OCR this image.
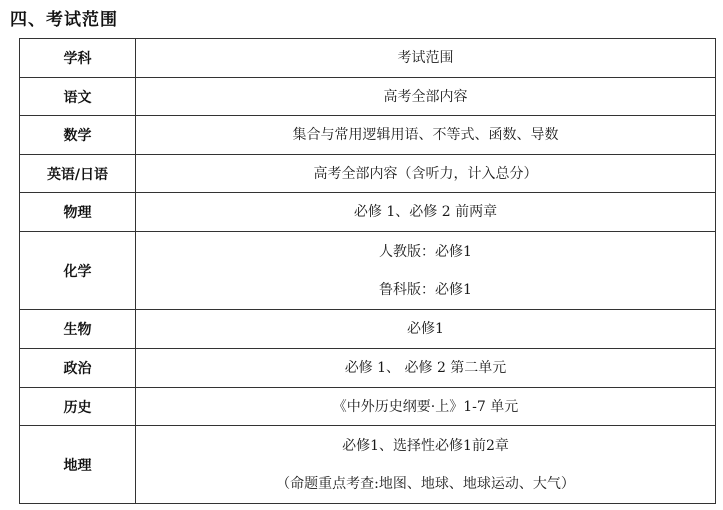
四、考试范围
学科	考试范围

语文	高考全部内容

数学	集合与常用逻辑用语、不等式、函数、导数

英语/日语	高考全部内容（含听力，计入总分）

物理	必修 1、必修 2 前两章

化学	人教版：必修1
鲁科版：必修1

生物	必修1

政治	必修 1、 必修 2 第二单元

历史	《中外历史纲要·上》1-7 单元

地理	必修1、选择性必修1前2章
（命题重点考查:地图、地球、地球运动、大气）
